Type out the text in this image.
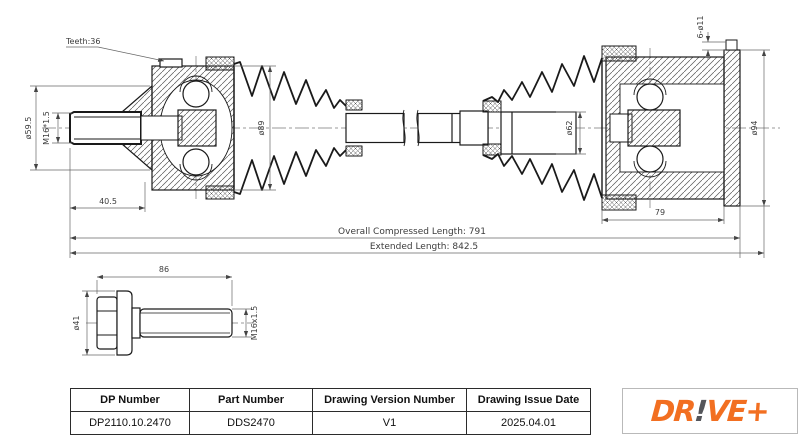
Teeth:36
ø59.5 M16*1.5
40.5
ø89	ø62
6-ø11
ø94
79
Overall Compressed Length: 791
Extended Length: 842.5
86
ø41	M16x1.5
DP Number	Part Number	Drawing Version Number	Drawing Issue Date
DP2110.10.2470	DDS2470	V1	2025.04.01	DR!VE+
